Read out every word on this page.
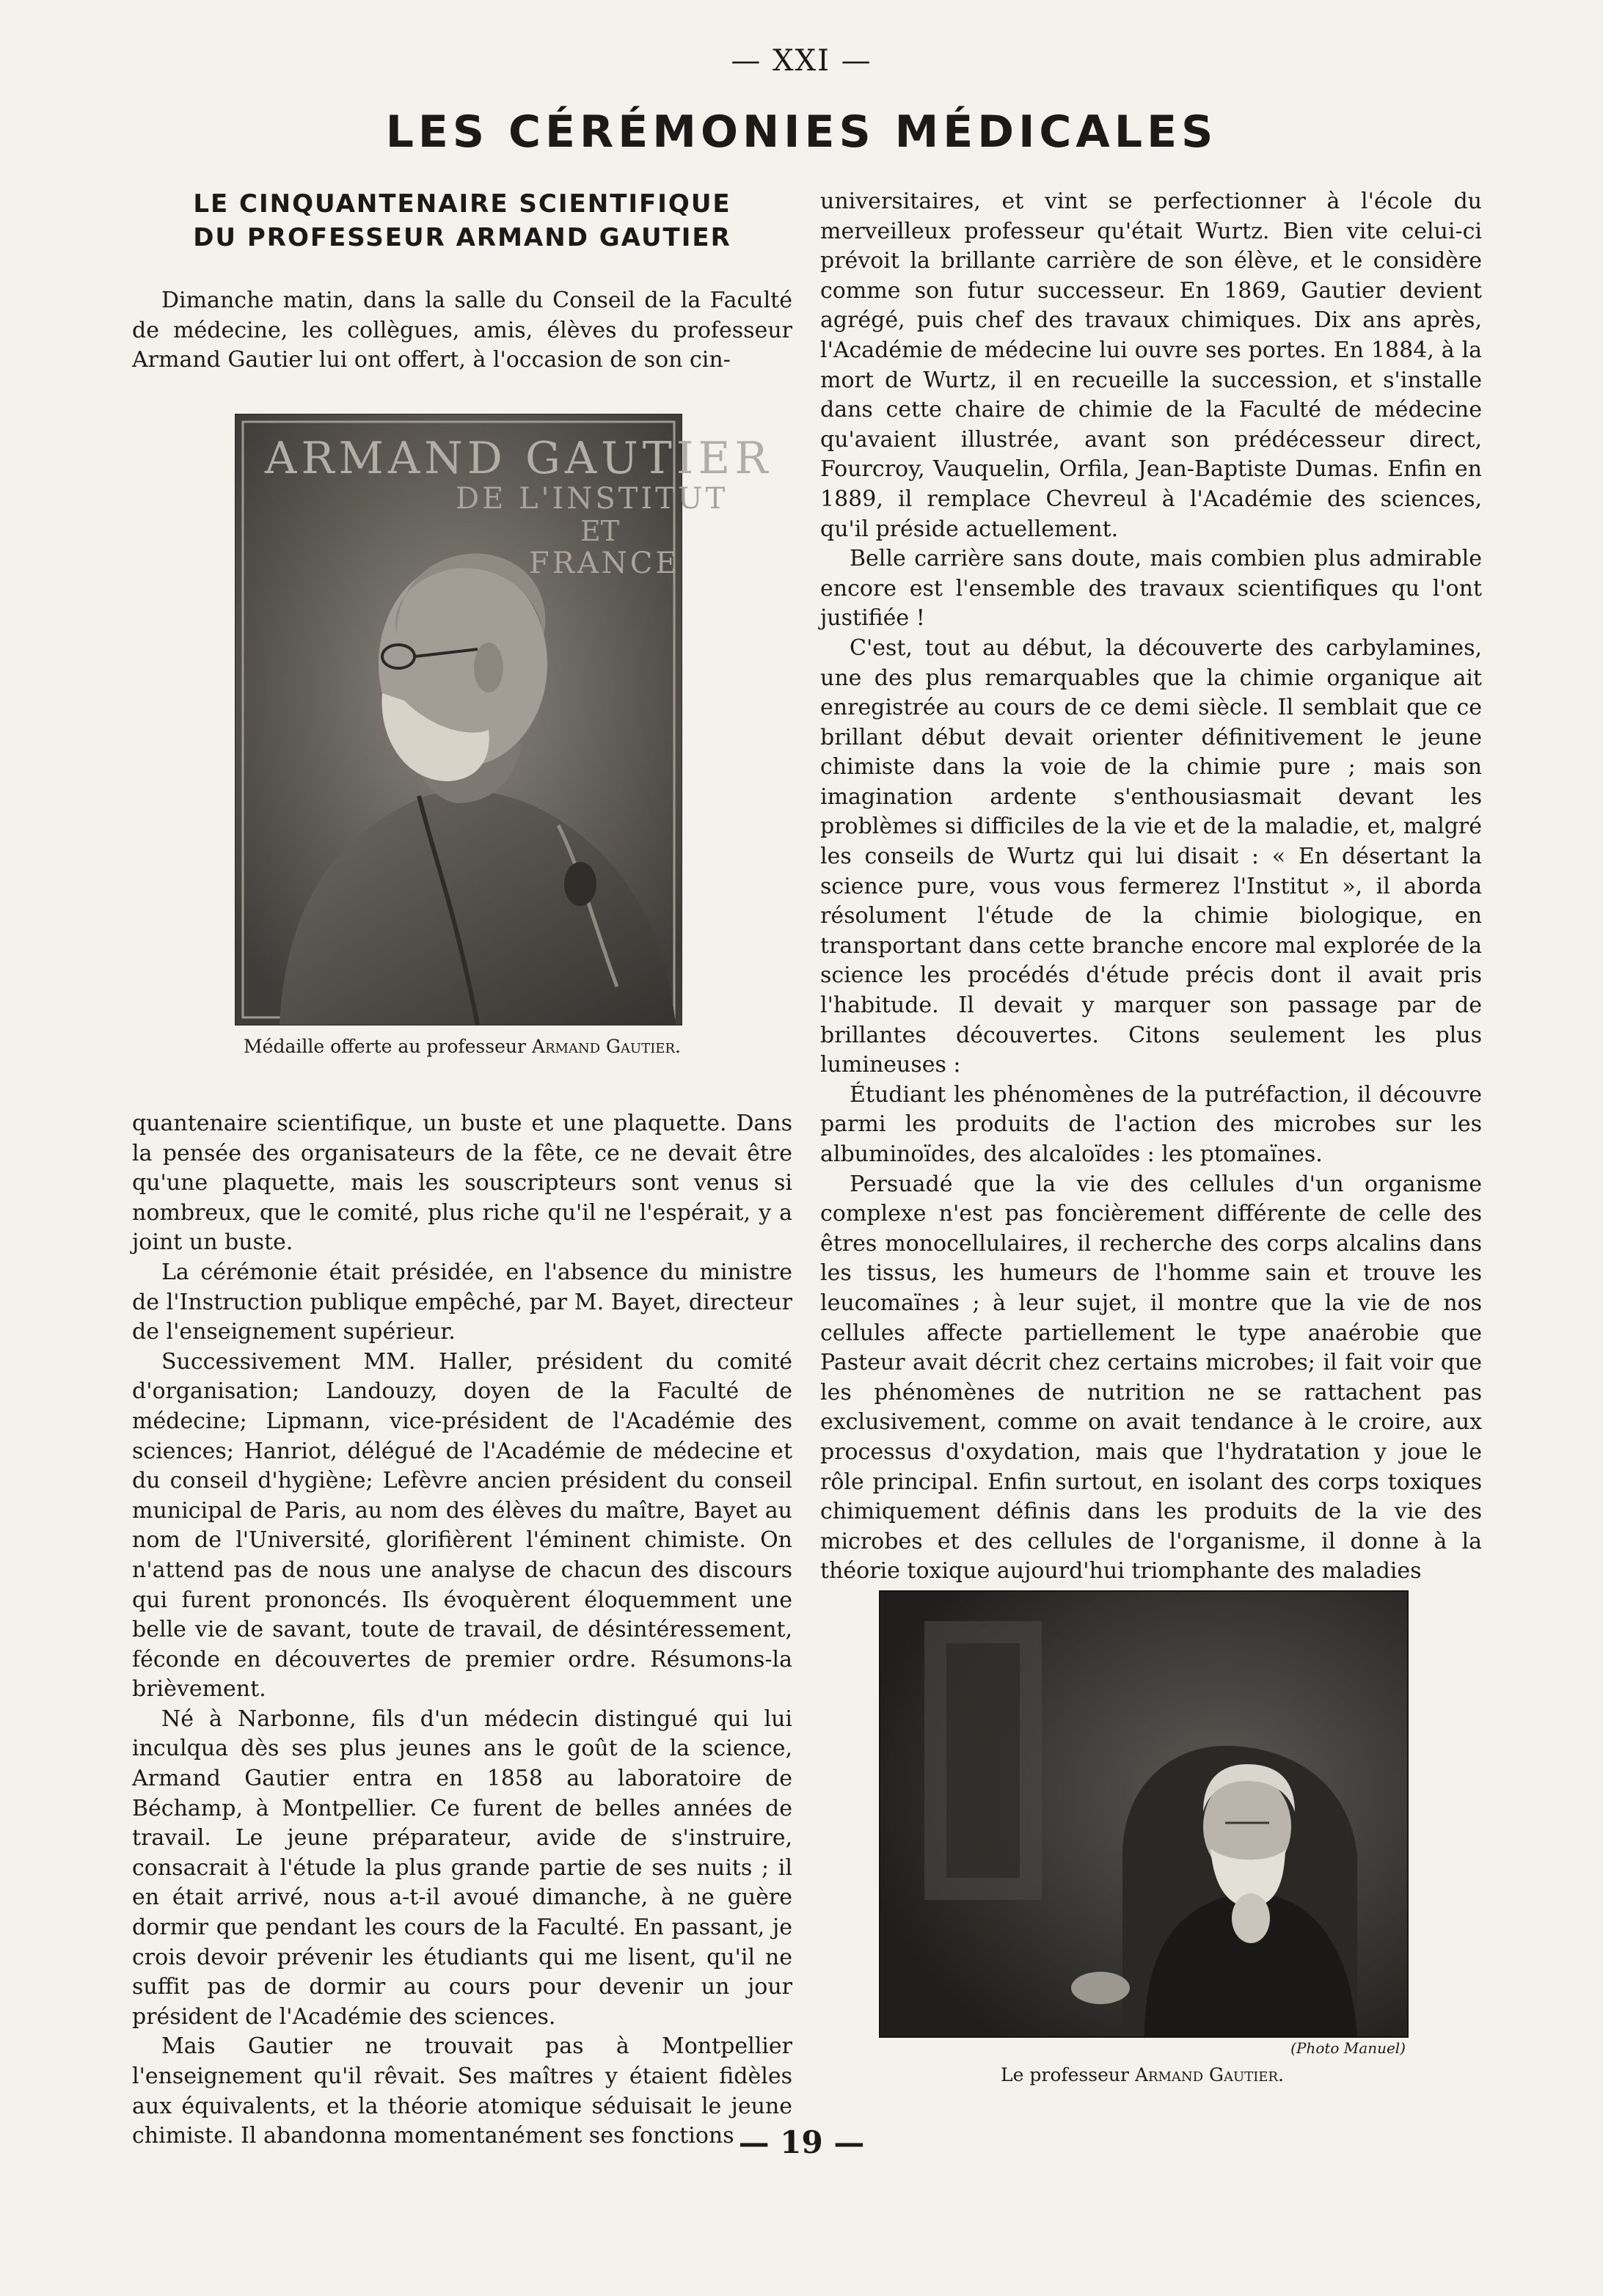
— XXI —
LES CÉRÉMONIES MÉDICALES
LE CINQUANTENAIRE SCIENTIFIQUE
DU PROFESSEUR ARMAND GAUTIER

Dimanche matin, dans la salle du Conseil de la Faculté de médecine, les collègues, amis, élèves du professeur Armand Gautier lui ont offert, à l'occasion de son cin-

ARMAND GAUTIER
DE L'INSTITUT
ET
FRANCE
Médaille offerte au professeur Armand Gautier.

quantenaire scientifique, un buste et une plaquette. Dans la pensée des organisateurs de la fête, ce ne devait être qu'une plaquette, mais les souscripteurs sont venus si nombreux, que le comité, plus riche qu'il ne l'espérait, y a joint un buste.

La cérémonie était présidée, en l'absence du ministre de l'Instruction publique empêché, par M. Bayet, directeur de l'enseignement supérieur.

Successivement MM. Haller, président du comité d'organisation; Landouzy, doyen de la Faculté de médecine; Lipmann, vice-président de l'Académie des sciences; Hanriot, délégué de l'Académie de médecine et du conseil d'hygiène; Lefèvre ancien président du conseil municipal de Paris, au nom des élèves du maître, Bayet au nom de l'Université, glorifièrent l'éminent chimiste. On n'attend pas de nous une analyse de chacun des discours qui furent prononcés. Ils évoquèrent éloquemment une belle vie de savant, toute de travail, de désintéressement, féconde en découvertes de premier ordre. Résumons-la brièvement.

Né à Narbonne, fils d'un médecin distingué qui lui inculqua dès ses plus jeunes ans le goût de la science, Armand Gautier entra en 1858 au laboratoire de Béchamp, à Montpellier. Ce furent de belles années de travail. Le jeune préparateur, avide de s'instruire, consacrait à l'étude la plus grande partie de ses nuits ; il en était arrivé, nous a-t-il avoué dimanche, à ne guère dormir que pendant les cours de la Faculté. En passant, je crois devoir prévenir les étudiants qui me lisent, qu'il ne suffit pas de dormir au cours pour devenir un jour président de l'Académie des sciences.

Mais Gautier ne trouvait pas à Montpellier l'enseignement qu'il rêvait. Ses maîtres y étaient fidèles aux équivalents, et la théorie atomique séduisait le jeune chimiste. Il abandonna momentanément ses fonctions

universitaires, et vint se perfectionner à l'école du merveilleux professeur qu'était Wurtz. Bien vite celui-ci prévoit la brillante carrière de son élève, et le considère comme son futur successeur. En 1869, Gautier devient agrégé, puis chef des travaux chimiques. Dix ans après, l'Académie de médecine lui ouvre ses portes. En 1884, à la mort de Wurtz, il en recueille la succession, et s'installe dans cette chaire de chimie de la Faculté de médecine qu'avaient illustrée, avant son prédécesseur direct, Fourcroy, Vauquelin, Orfila, Jean-Baptiste Dumas. Enfin en 1889, il remplace Chevreul à l'Académie des sciences, qu'il préside actuellement.

Belle carrière sans doute, mais combien plus admirable encore est l'ensemble des travaux scientifiques qu l'ont justifiée !

C'est, tout au début, la découverte des carbylamines, une des plus remarquables que la chimie organique ait enregistrée au cours de ce demi siècle. Il semblait que ce brillant début devait orienter définitivement le jeune chimiste dans la voie de la chimie pure ; mais son imagination ardente s'enthousiasmait devant les problèmes si difficiles de la vie et de la maladie, et, malgré les conseils de Wurtz qui lui disait : « En désertant la science pure, vous vous fermerez l'Institut », il aborda résolument l'étude de la chimie biologique, en transportant dans cette branche encore mal explorée de la science les procédés d'étude précis dont il avait pris l'habitude. Il devait y marquer son passage par de brillantes découvertes. Citons seulement les plus lumineuses :

Étudiant les phénomènes de la putréfaction, il découvre parmi les produits de l'action des microbes sur les albuminoïdes, des alcaloïdes : les ptomaïnes.

Persuadé que la vie des cellules d'un organisme complexe n'est pas foncièrement différente de celle des êtres monocellulaires, il recherche des corps alcalins dans les tissus, les humeurs de l'homme sain et trouve les leucomaïnes ; à leur sujet, il montre que la vie de nos cellules affecte partiellement le type anaérobie que Pasteur avait décrit chez certains microbes; il fait voir que les phénomènes de nutrition ne se rattachent pas exclusivement, comme on avait tendance à le croire, aux processus d'oxydation, mais que l'hydratation y joue le rôle principal. Enfin surtout, en isolant des corps toxiques chimiquement définis dans les produits de la vie des microbes et des cellules de l'organisme, il donne à la théorie toxique aujourd'hui triomphante des maladies

(Photo Manuel)
Le professeur Armand Gautier.
— 19 —
